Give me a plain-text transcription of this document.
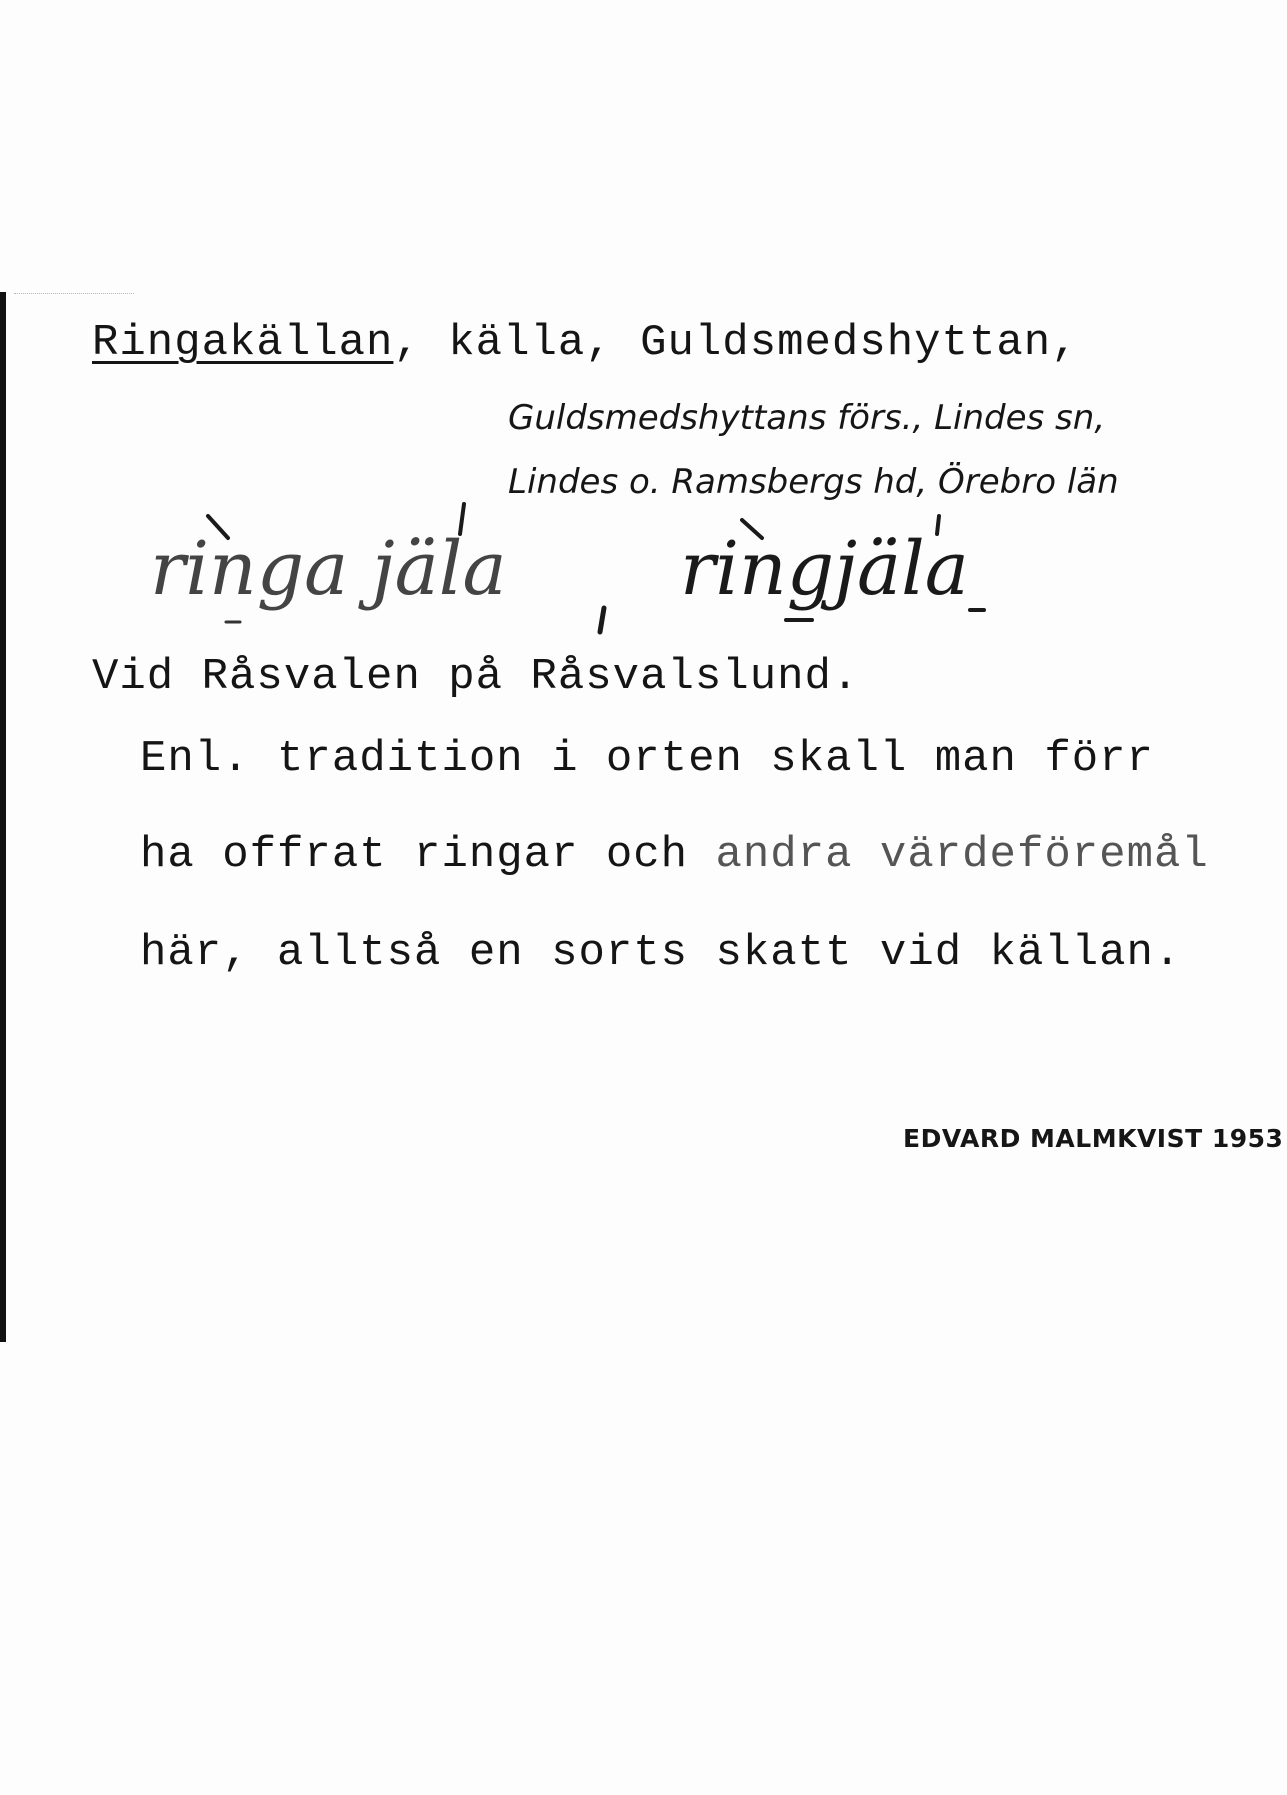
Ringakällan, källa, Guldsmedshyttan,
Guldsmedshyttans förs., Lindes sn,
Lindes o. Ramsbergs hd, Örebro län
ringa jäla ringjäla
Vid Råsvalen på Råsvalslund.
Enl. tradition i orten skall man förr
ha offrat ringar och andra värdeföremål
här, alltså en sorts skatt vid källan.
EDVARD MALMKVIST 1953
